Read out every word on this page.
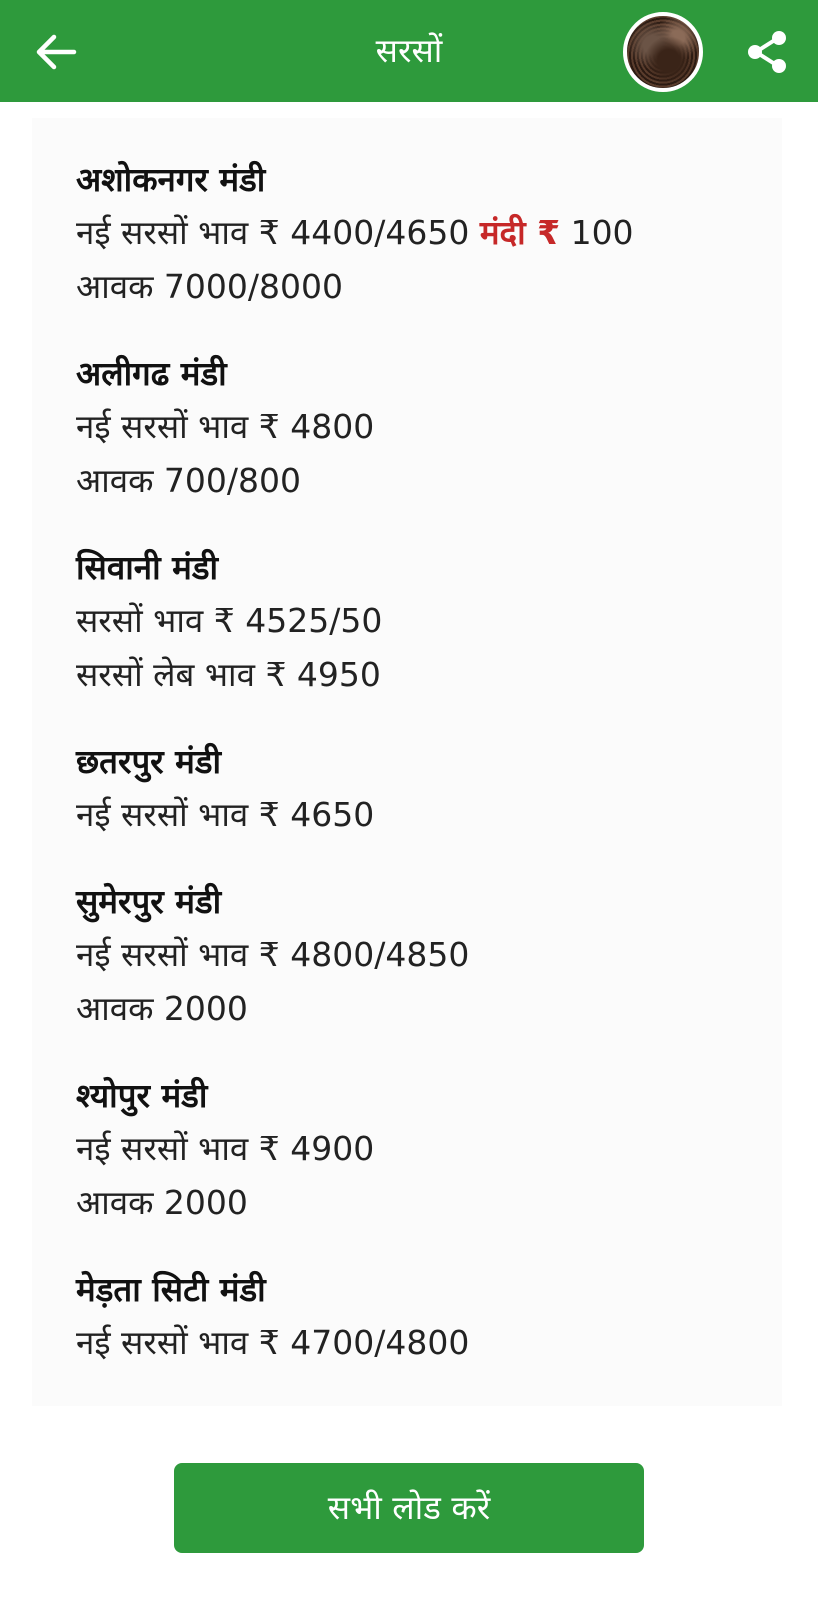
सरसों
अशोकनगर मंडी
नई सरसों भाव ₹ 4400/4650 मंदी ₹ 100
आवक 7000/8000
अलीगढ मंडी
नई सरसों भाव ₹ 4800
आवक 700/800
सिवानी मंडी
सरसों भाव ₹ 4525/50
सरसों लेब भाव ₹ 4950
छतरपुर मंडी
नई सरसों भाव ₹ 4650
सुमेरपुर मंडी
नई सरसों भाव ₹ 4800/4850
आवक 2000
श्योपुर मंडी
नई सरसों भाव ₹ 4900
आवक 2000
मेड़ता सिटी मंडी
नई सरसों भाव ₹ 4700/4800
सभी लोड करें
